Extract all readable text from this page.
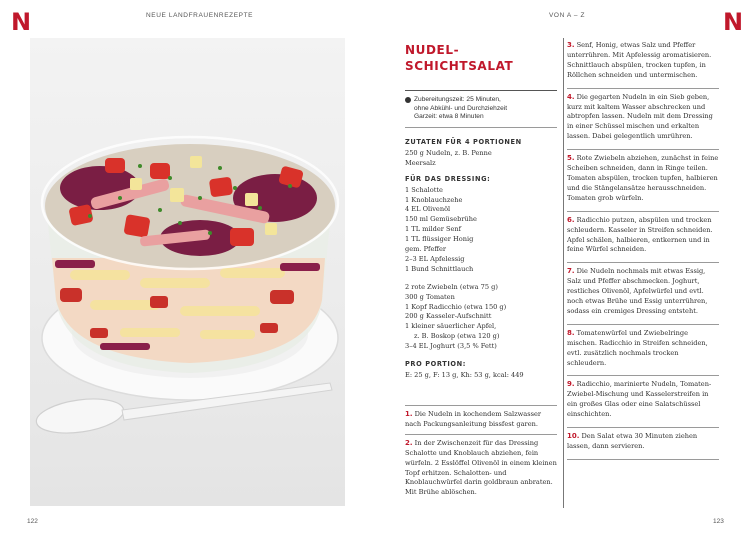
N	NEUE LANDFRAUENREZEPTE	VON A – Z	N
NUDEL-SCHICHTSALAT
Zubereitungszeit: 25 Minuten,
ohne Abkühl- und Durchziehzeit
Garzeit: etwa 8 Minuten
ZUTATEN FÜR 4 PORTIONEN
250 g Nudeln, z. B. Penne
Meersalz
FÜR DAS DRESSING:
1 Schalotte
1 Knoblauchzehe
4 EL Olivenöl
150 ml Gemüsebrühe
1 TL milder Senf
1 TL flüssiger Honig
gem. Pfeffer
2–3 EL Apfelessig
1 Bund Schnittlauch
2 rote Zwiebeln (etwa 75 g)
300 g Tomaten
1 Kopf Radicchio (etwa 150 g)
200 g Kasseler-Aufschnitt
1 kleiner säuerlicher Apfel,
z. B. Boskop (etwa 120 g)
3–4 EL Joghurt (3,5 % Fett)
PRO PORTION:
E: 25 g, F: 13 g, Kh: 53 g, kcal: 449
1. Die Nudeln in kochendem Salzwasser nach Packungsanleitung bissfest garen.
2. In der Zwischenzeit für das Dressing Schalotte und Knoblauch abziehen, fein würfeln. 2 Esslöffel Olivenöl in einem kleinen Topf erhitzen. Schalotten- und Knoblauchwürfel darin goldbraun anbraten. Mit Brühe ablöschen.
3. Senf, Honig, etwas Salz und Pfeffer unterrühren. Mit Apfelessig aromatisieren. Schnittlauch abspülen, trocken tupfen, in Röllchen schneiden und untermischen.
4. Die gegarten Nudeln in ein Sieb geben, kurz mit kaltem Wasser abschrecken und abtropfen lassen. Nudeln mit dem Dressing in einer Schüssel mischen und erkalten lassen. Dabei gelegentlich umrühren.
5. Rote Zwiebeln abziehen, zunächst in feine Scheiben schneiden, dann in Ringe teilen. Tomaten abspülen, trocken tupfen, halbieren und die Stängelansätze herausschneiden. Tomaten grob würfeln.
6. Radicchio putzen, abspülen und trocken schleudern. Kasseler in Streifen schneiden. Apfel schälen, halbieren, entkernen und in feine Würfel schneiden.
7. Die Nudeln nochmals mit etwas Essig, Salz und Pfeffer abschmecken. Joghurt, restliches Olivenöl, Apfelwürfel und evtl. noch etwas Brühe und Essig unterrühren, sodass ein cremiges Dressing entsteht.
8. Tomatenwürfel und Zwiebelringe mischen. Radicchio in Streifen schneiden, evtl. zusätzlich nochmals trocken schleudern.
9. Radicchio, marinierte Nudeln, Tomaten-Zwiebel-Mischung und Kasselerstreifen in ein großes Glas oder eine Salatschüssel einschichten.
10. Den Salat etwa 30 Minuten ziehen lassen, dann servieren.
122	123
